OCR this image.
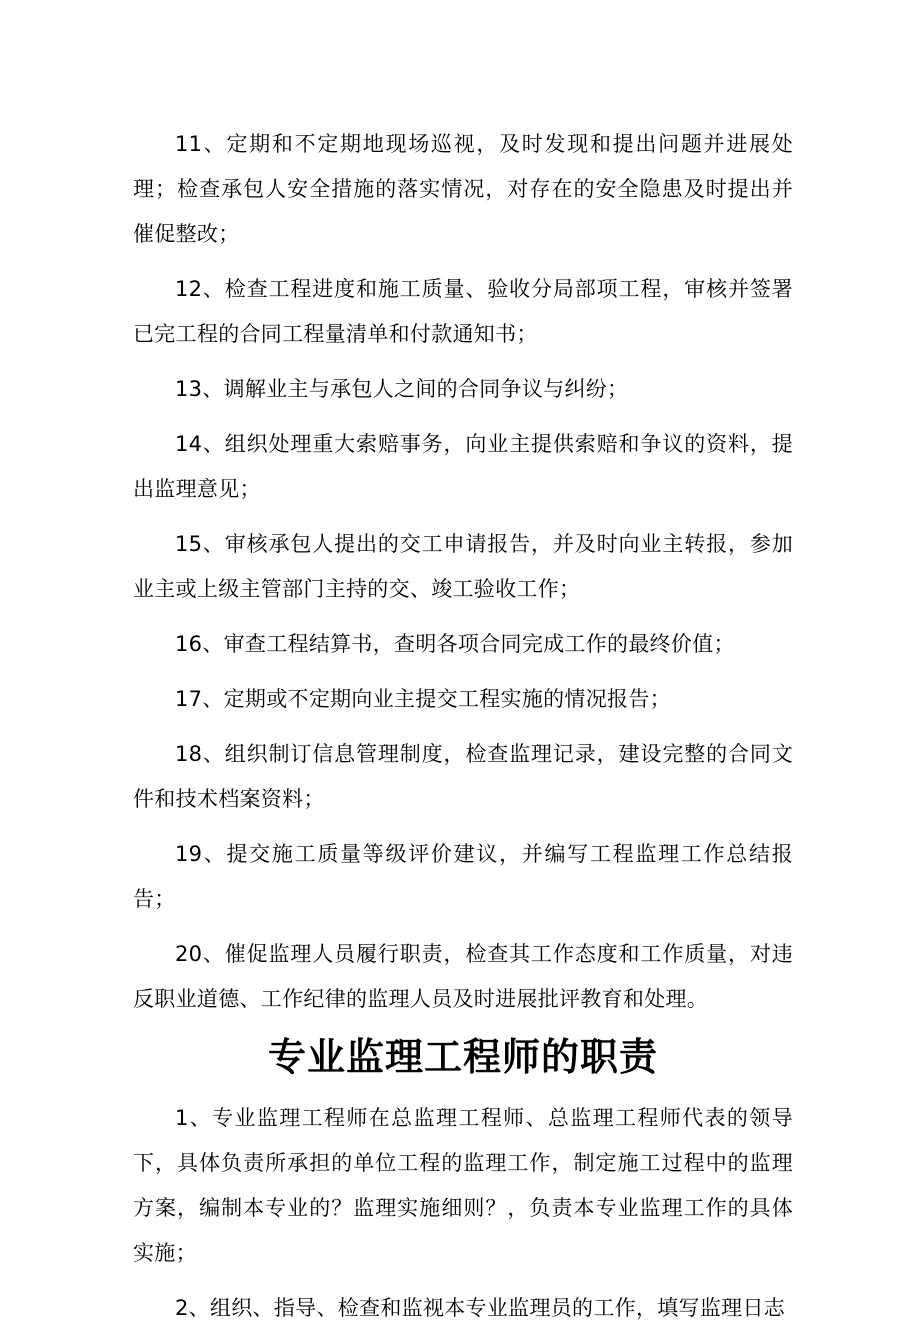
11、定期和不定期地现场巡视，及时发现和提出问题并进展处理；检查承包人安全措施的落实情况，对存在的安全隐患及时提出并催促整改；

12、检查工程进度和施工质量、验收分局部项工程，审核并签署已完工程的合同工程量清单和付款通知书；

13、调解业主与承包人之间的合同争议与纠纷；

14、组织处理重大索赔事务，向业主提供索赔和争议的资料，提出监理意见；

15、审核承包人提出的交工申请报告，并及时向业主转报，参加业主或上级主管部门主持的交、竣工验收工作；

16、审查工程结算书，查明各项合同完成工作的最终价值；

17、定期或不定期向业主提交工程实施的情况报告；

18、组织制订信息管理制度，检查监理记录，建设完整的合同文件和技术档案资料；

19、提交施工质量等级评价建议，并编写工程监理工作总结报告；

20、催促监理人员履行职责，检查其工作态度和工作质量，对违反职业道德、工作纪律的监理人员及时进展批评教育和处理。

专业监理工程师的职责

1、专业监理工程师在总监理工程师、总监理工程师代表的领导下，具体负责所承担的单位工程的监理工作，制定施工过程中的监理方案，编制本专业的？监理实施细则？，负责本专业监理工作的具体实施；

2、组织、指导、检查和监视本专业监理员的工作，填写监理日志
